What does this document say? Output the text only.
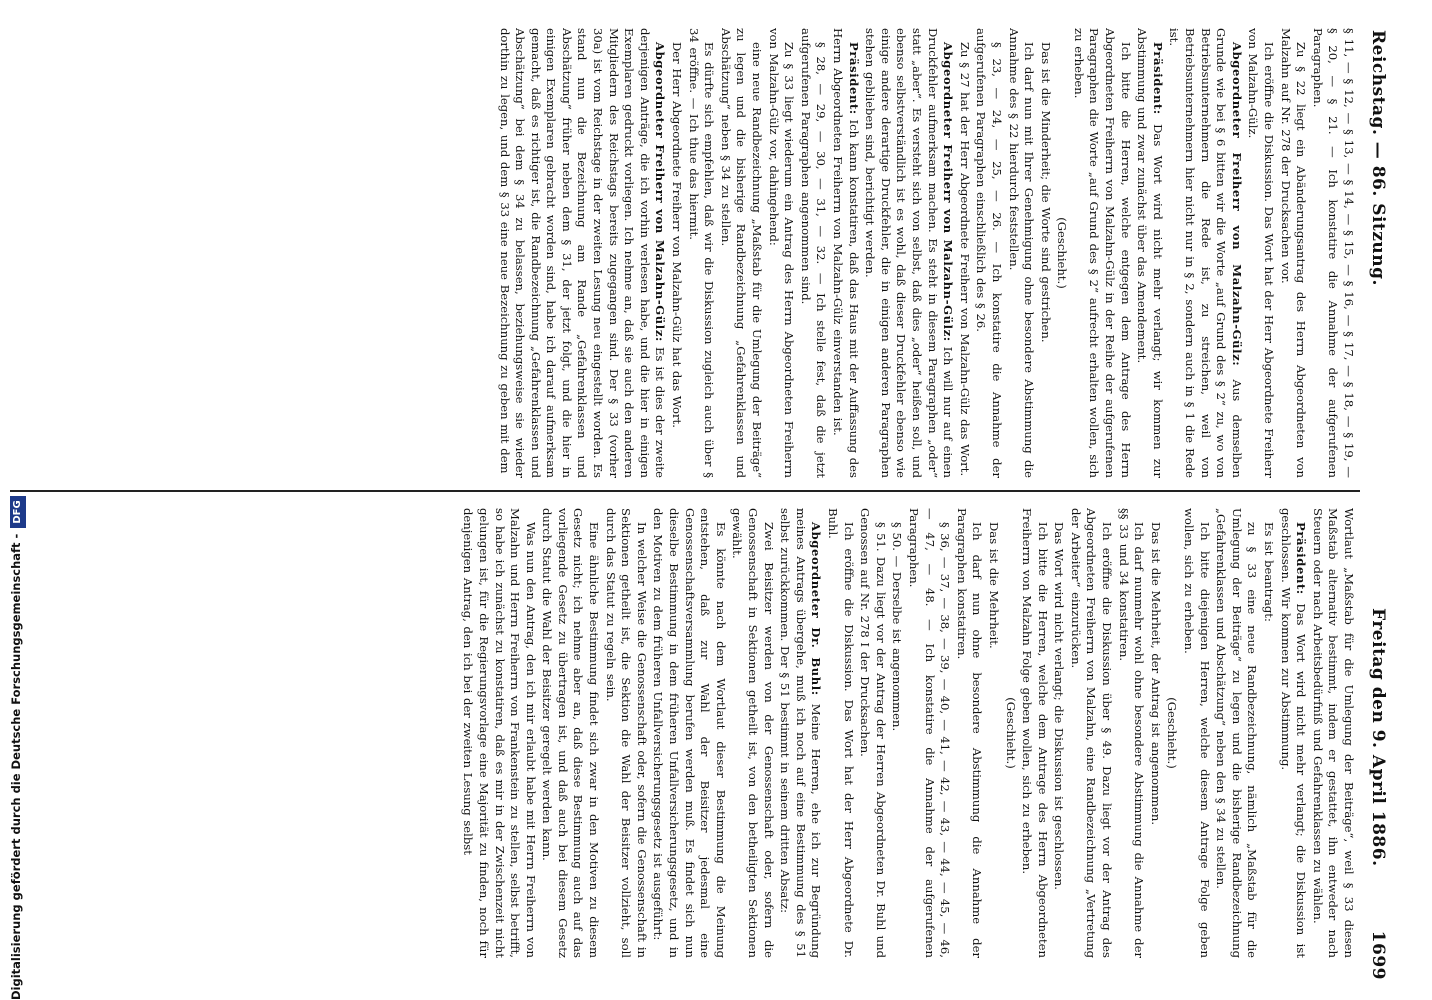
Digitalisierung gefördert durch die Deutsche Forschungsgemeinschaft -DFG
Reichstag. — 86. Sitzung.
Freitag den 9. April 1886.          1699

§ 11, — § 12, — § 13, — § 14, — § 15, — § 16, — § 17, — § 18, — § 19, — § 20, — § 21. — Ich konstatire die Annahme der aufgerufenen Paragraphen.

Zu § 22 liegt ein Abänderungsantrag des Herrn Abgeordneten von Malzahn auf Nr. 278 der Drucksachen vor.

Ich eröffne die Diskussion. Das Wort hat der Herr Abgeordnete Freiherr von Malzahn-Gülz.

Abgeordneter Freiherr von Malzahn-Gülz: Aus demselben Grunde wie bei § 6 bitten wir die Worte „auf Grund des § 2“ zu, wo von Betriebsunternehmern die Rede ist, zu streichen, weil von Betriebsunternehmern hier nicht nur in § 2, sondern auch in § 1 die Rede ist.

Präsident: Das Wort wird nicht mehr verlangt; wir kommen zur Abstimmung und zwar zunächst über das Amendement.

Ich bitte die Herren, welche entgegen dem Antrage des Herrn Abgeordneten Freiherrn von Malzahn-Gülz in der Reihe der aufgerufenen Paragraphen die Worte „auf Grund des § 2“ aufrecht erhalten wollen, sich zu erheben.

(Geschieht.)

Das ist die Minderheit; die Worte sind gestrichen.

Ich darf nun mit Ihrer Genehmigung ohne besondere Abstimmung die Annahme des § 22 hierdurch feststellen.

§ 23, — 24, — 25, — 26. — Ich konstatire die Annahme der aufgerufenen Paragraphen einschließlich des § 26.

Zu § 27 hat der Herr Abgeordnete Freiherr von Malzahn-Gülz das Wort.

Abgeordneter Freiherr von Malzahn-Gülz: Ich will nur auf einen Druckfehler aufmerksam machen. Es steht in diesem Paragraphen „oder“ statt „aber“. Es versteht sich von selbst, daß dies „oder“ heißen soll, und ebenso selbstverständlich ist es wohl, daß dieser Druckfehler ebenso wie einige andere derartige Druckfehler, die in einigen anderen Paragraphen stehen geblieben sind, berichtigt werden.

Präsident: Ich kann konstatiren, daß das Haus mit der Auffassung des Herrn Abgeordneten Freiherrn von Malzahn-Gülz einverstanden ist.

§ 28, — 29, — 30, — 31, — 32. — Ich stelle fest, daß die jetzt aufgerufenen Paragraphen angenommen sind.

Zu § 33 liegt wiederum ein Antrag des Herrn Abgeordneten Freiherrn von Malzahn-Gülz vor, dahingehend:

eine neue Randbezeichnung „Maßstab für die Umlegung der Beiträge“ zu legen und die bisherige Randbezeichnung „Gefahrenklassen und Abschätzung“ neben § 34 zu stellen.

Es dürfte sich empfehlen, daß wir die Diskussion zugleich auch über § 34 eröffne. — Ich thue das hiermit.

Der Herr Abgeordnete Freiherr von Malzahn-Gülz hat das Wort.

Abgeordneter Freiherr von Malzahn-Gülz: Es ist dies der zweite derjenigen Anträge, die ich vorhin verlesen habe, und die hier in einigen Exemplaren gedruckt vorliegen. Ich nehme an, daß sie auch den anderen Mitgliedern des Reichstags bereits zugegangen sind. Der § 33 (vorher 30a) ist vom Reichstage in der zweiten Lesung neu eingestellt worden. Es stand nun die Bezeichnung am Rande „Gefahrenklassen und Abschätzung“ früher neben dem § 31, der jetzt folgt, und die hier in einigen Exemplaren gebracht worden sind, habe ich darauf aufmerksam gemacht, daß es richtiger ist, die Randbezeichnung „Gefahrenklassen und Abschätzung“ bei dem § 34 zu belassen, beziehungsweise sie wieder dorthin zu legen, und dem § 33 eine neue Bezeichnung zu geben mit dem

Wortlaut „Maßstab für die Umlegung der Beiträge“, weil § 33 diesen Maßstab alternativ bestimmt, indem er gestattet, ihn entweder nach Steuern oder nach Arbeitsbedürfniß und Gefahrenklassen zu wählen.

Präsident: Das Wort wird nicht mehr verlangt; die Diskussion ist geschlossen. Wir kommen zur Abstimmung.

Es ist beantragt:

zu § 33 eine neue Randbezeichnung, nämlich „Maßstab für die Umlegung der Beiträge“ zu legen und die bisherige Randbezeichnung „Gefahrenklassen und Abschätzung“ neben den § 34 zu stellen.

Ich bitte diejenigen Herren, welche diesem Antrage Folge geben wollen, sich zu erheben.

(Geschieht.)

Das ist die Mehrheit, der Antrag ist angenommen.

Ich darf nunmehr wohl ohne besondere Abstimmung die Annahme der §§ 33 und 34 konstatiren.

Ich eröffne die Diskussion über § 49. Dazu liegt vor der Antrag des Abgeordneten Freiherrn von Malzahn, eine Randbezeichnung „Vertretung der Arbeiter“ einzurücken.

Das Wort wird nicht verlangt; die Diskussion ist geschlossen.

Ich bitte die Herren, welche dem Antrage des Herrn Abgeordneten Freiherrn von Malzahn Folge geben wollen, sich zu erheben.

(Geschieht.)

Das ist die Mehrheit.

Ich darf nun ohne besondere Abstimmung die Annahme der Paragraphen konstatiren.

§ 36, — 37, — 38, — 39, — 40, — 41, — 42, — 43, — 44, — 45, — 46, — 47, — 48. — Ich konstatire die Annahme der aufgerufenen Paragraphen.

§ 50. — Derselbe ist angenommen.

§ 51. Dazu liegt vor der Antrag der Herren Abgeordneten Dr. Buhl und Genossen auf Nr. 278 I der Drucksachen.

Ich eröffne die Diskussion. Das Wort hat der Herr Abgeordnete Dr. Buhl.

Abgeordneter Dr. Buhl: Meine Herren, ehe ich zur Begründung meines Antrags übergehe, muß ich noch auf eine Bestimmung des § 51 selbst zurückkommen. Der § 51 bestimmt in seinem dritten Absatz:

Zwei Beisitzer werden von der Genossenschaft oder, sofern die Genossenschaft in Sektionen getheilt ist, von den betheiligten Sektionen gewählt.

Es könnte nach dem Wortlaut dieser Bestimmung die Meinung entstehen, daß zur Wahl der Beisitzer jedesmal eine Genossenschaftsversammlung berufen werden muß. Es findet sich nun dieselbe Bestimmung in dem früheren Unfallversicherungsgesetz, und in den Motiven zu dem früheren Unfallversicherungsgesetz ist ausgeführt:

In welcher Weise die Genossenschaft oder, sofern die Genossenschaft in Sektionen getheilt ist, die Sektion die Wahl der Beisitzer vollzieht, soll durch das Statut zu regeln sein.

Eine ähnliche Bestimmung findet sich zwar in den Motiven zu diesem Gesetz nicht; ich nehme aber an, daß diese Bestimmung auch auf das vorliegende Gesetz zu übertragen ist, und daß auch bei diesem Gesetz durch Statut die Wahl der Beisitzer geregelt werden kann.

Was nun den Antrag, den ich mir erlaubt habe mit Herrn Freiherrn von Malzahn und Herrn Freiherrn von Frankenstein zu stellen, selbst betrifft, so habe ich zunächst zu konstatiren, daß es mir in der Zwischenzeit nicht gelungen ist, für die Regierungsvorlage eine Majorität zu finden, noch für denjenigen Antrag, den ich bei der zweiten Lesung selbst
